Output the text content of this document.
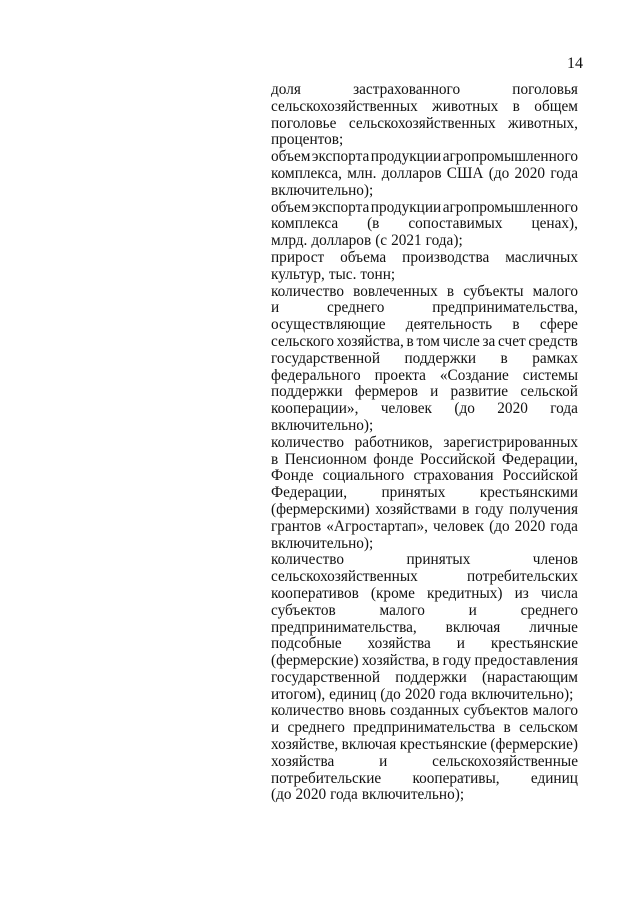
14
доля	застрахованного	поголовья
сельскохозяйственных животных в общем
поголовье сельскохозяйственных животных,
процентов;
объем экспорта продукции агропромышленного
комплекса, млн. долларов США (до 2020 года
включительно);
объем экспорта продукции агропромышленного
комплекса (в сопоставимых ценах),
млрд. долларов (с 2021 года);
прирост объема производства масличных
культур, тыс. тонн;
количество вовлеченных в субъекты малого
и	среднего	предпринимательства,
осуществляющие деятельность в сфере
сельского хозяйства, в том числе за счет средств
государственной поддержки в рамках
федерального проекта «Создание системы
поддержки фермеров и развитие сельской
кооперации», человек (до 2020 года
включительно);
количество работников, зарегистрированных
в Пенсионном фонде Российской Федерации,
Фонде социального страхования Российской
Федерации, принятых крестьянскими
(фермерскими) хозяйствами в году получения
грантов «Агростартап», человек (до 2020 года
включительно);
количество	принятых	членов
сельскохозяйственных	потребительских
кооперативов (кроме кредитных) из числа
субъектов	малого	и	среднего
предпринимательства, включая личные
подсобные хозяйства и крестьянские
(фермерские) хозяйства, в году предоставления
государственной поддержки (нарастающим
итогом), единиц (до 2020 года включительно);
количество вновь созданных субъектов малого
и среднего предпринимательства в сельском
хозяйстве, включая крестьянские (фермерские)
хозяйства	и	сельскохозяйственные
потребительские кооперативы, единиц
(до 2020 года включительно);
